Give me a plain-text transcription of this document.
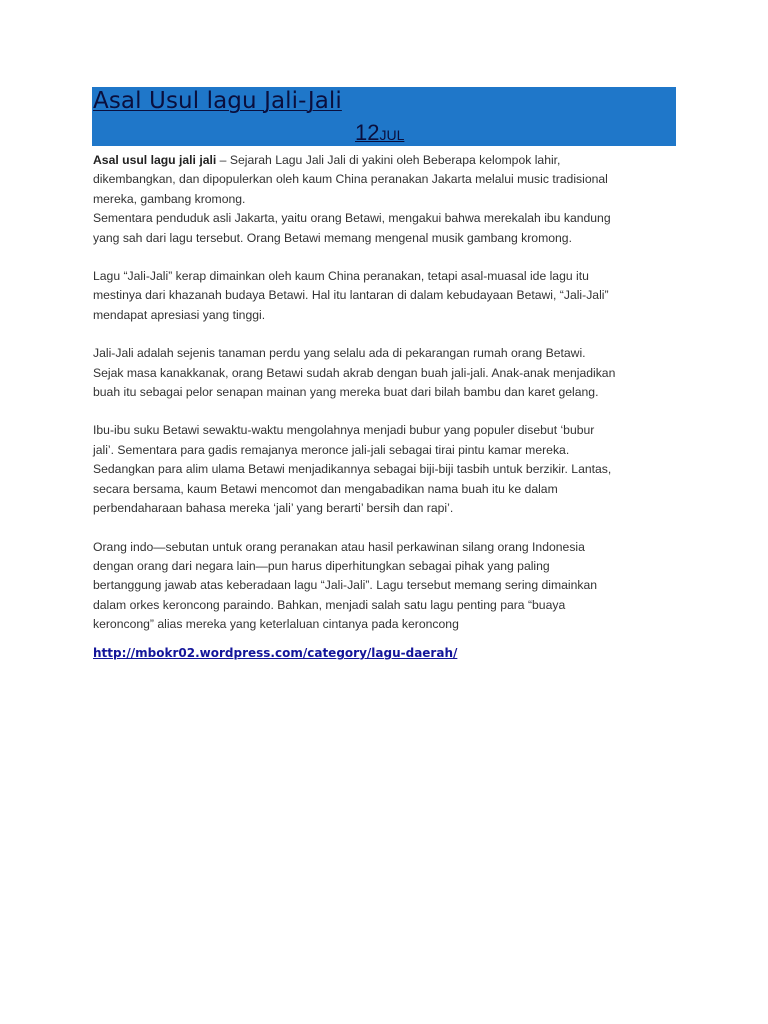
Asal Usul lagu Jali-Jali
12JUL

Asal usul lagu jali jali – Sejarah Lagu Jali Jali di yakini oleh Beberapa kelompok lahir,
dikembangkan, dan dipopulerkan oleh kaum China peranakan Jakarta melalui music tradisional
mereka, gambang kromong.
Sementara penduduk asli Jakarta, yaitu orang Betawi, mengakui bahwa merekalah ibu kandung
yang sah dari lagu tersebut. Orang Betawi memang mengenal musik gambang kromong.

Lagu “Jali-Jali” kerap dimainkan oleh kaum China peranakan, tetapi asal-muasal ide lagu itu
mestinya dari khazanah budaya Betawi. Hal itu lantaran di dalam kebudayaan Betawi, “Jali-Jali”
mendapat apresiasi yang tinggi.

Jali-Jali adalah sejenis tanaman perdu yang selalu ada di pekarangan rumah orang Betawi.
Sejak masa kanakkanak, orang Betawi sudah akrab dengan buah jali-jali. Anak-anak menjadikan
buah itu sebagai pelor senapan mainan yang mereka buat dari bilah bambu dan karet gelang.

Ibu-ibu suku Betawi sewaktu-waktu mengolahnya menjadi bubur yang populer disebut ‘bubur
jali’. Sementara para gadis remajanya meronce jali-jali sebagai tirai pintu kamar mereka.
Sedangkan para alim ulama Betawi menjadikannya sebagai biji-biji tasbih untuk berzikir. Lantas,
secara bersama, kaum Betawi mencomot dan mengabadikan nama buah itu ke dalam
perbendaharaan bahasa mereka ‘jali’ yang berarti’ bersih dan rapi’.

Orang indo—sebutan untuk orang peranakan atau hasil perkawinan silang orang Indonesia
dengan orang dari negara lain—pun harus diperhitungkan sebagai pihak yang paling
bertanggung jawab atas keberadaan lagu “Jali-Jali”. Lagu tersebut memang sering dimainkan
dalam orkes keroncong paraindo. Bahkan, menjadi salah satu lagu penting para “buaya
keroncong” alias mereka yang keterlaluan cintanya pada keroncong

http://mbokr02.wordpress.com/category/lagu-daerah/
